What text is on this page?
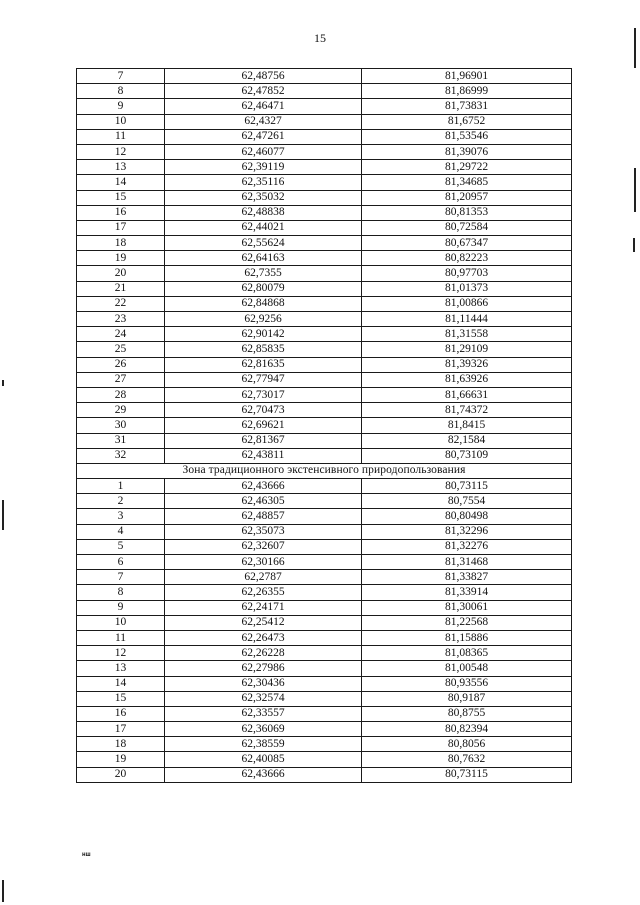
15
7	62,48756	81,96901
8	62,47852	81,86999
9	62,46471	81,73831
10	62,4327	81,6752
11	62,47261	81,53546
12	62,46077	81,39076
13	62,39119	81,29722
14	62,35116	81,34685
15	62,35032	81,20957
16	62,48838	80,81353
17	62,44021	80,72584
18	62,55624	80,67347
19	62,64163	80,82223
20	62,7355	80,97703
21	62,80079	81,01373
22	62,84868	81,00866
23	62,9256	81,11444
24	62,90142	81,31558
25	62,85835	81,29109
26	62,81635	81,39326
27	62,77947	81,63926
28	62,73017	81,66631
29	62,70473	81,74372
30	62,69621	81,8415
31	62,81367	82,1584
32	62,43811	80,73109
Зона традиционного экстенсивного природопользования		
1	62,43666	80,73115
2	62,46305	80,7554
3	62,48857	80,80498
4	62,35073	81,32296
5	62,32607	81,32276
6	62,30166	81,31468
7	62,2787	81,33827
8	62,26355	81,33914
9	62,24171	81,30061
10	62,25412	81,22568
11	62,26473	81,15886
12	62,26228	81,08365
13	62,27986	81,00548
14	62,30436	80,93556
15	62,32574	80,9187
16	62,33557	80,8755
17	62,36069	80,82394
18	62,38559	80,8056
19	62,40085	80,7632
20	62,43666	80,73115
нш
